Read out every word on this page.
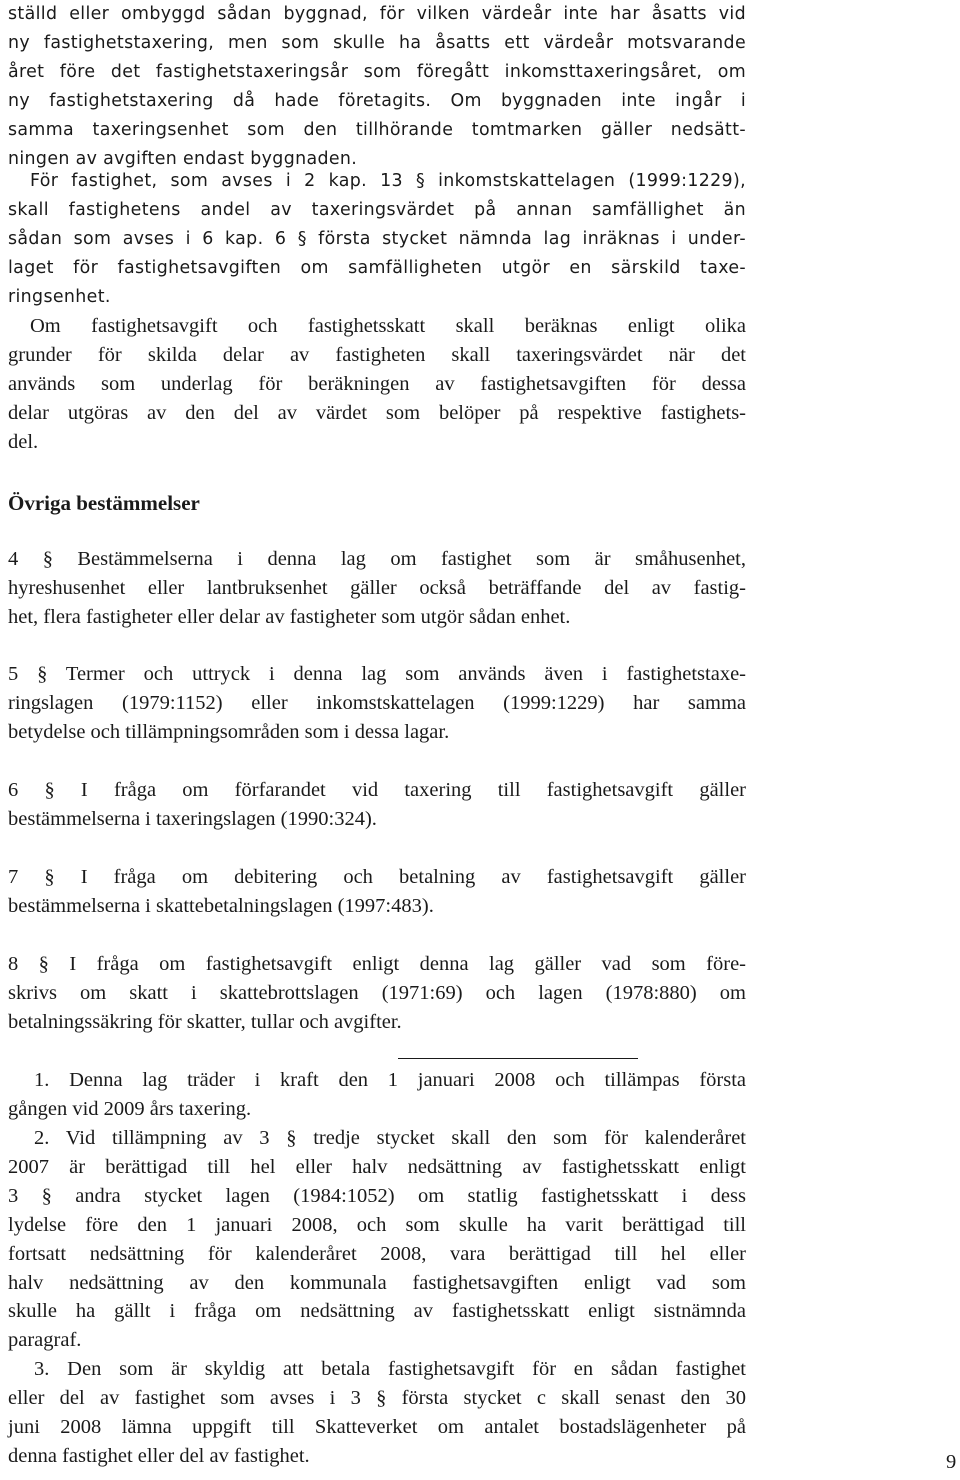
ställd eller ombyggd sådan byggnad, för vilken värdeår inte har åsatts vid
ny fastighetstaxering, men som skulle ha åsatts ett värdeår motsvarande
året före det fastighetstaxeringsår som föregått inkomsttaxeringsåret, om
ny fastighetstaxering då hade företagits. Om byggnaden inte ingår i
samma taxeringsenhet som den tillhörande tomtmarken gäller nedsätt-
ningen av avgiften endast byggnaden.

För fastighet, som avses i 2 kap. 13 § inkomstskattelagen (1999:1229),
skall fastighetens andel av taxeringsvärdet på annan samfällighet än
sådan som avses i 6 kap. 6 § första stycket nämnda lag inräknas i under-
laget för fastighetsavgiften om samfälligheten utgör en särskild taxe-
ringsenhet.

Om fastighetsavgift och fastighetsskatt skall beräknas enligt olika
grunder för skilda delar av fastigheten skall taxeringsvärdet när det
används som underlag för beräkningen av fastighetsavgiften för dessa
delar utgöras av den del av värdet som belöper på respektive fastighets-
del.

Övriga bestämmelser

4 § Bestämmelserna i denna lag om fastighet som är småhusenhet,
hyreshusenhet eller lantbruksenhet gäller också beträffande del av fastig-
het, flera fastigheter eller delar av fastigheter som utgör sådan enhet.

5 § Termer och uttryck i denna lag som används även i fastighetstaxe-
ringslagen (1979:1152) eller inkomstskattelagen (1999:1229) har samma
betydelse och tillämpningsområden som i dessa lagar.

6 § I fråga om förfarandet vid taxering till fastighetsavgift gäller
bestämmelserna i taxeringslagen (1990:324).

7 § I fråga om debitering och betalning av fastighetsavgift gäller
bestämmelserna i skattebetalningslagen (1997:483).

8 § I fråga om fastighetsavgift enligt denna lag gäller vad som före-
skrivs om skatt i skattebrottslagen (1971:69) och lagen (1978:880) om
betalningssäkring för skatter, tullar och avgifter.

1. Denna lag träder i kraft den 1 januari 2008 och tillämpas första
gången vid 2009 års taxering.

2. Vid tillämpning av 3 § tredje stycket skall den som för kalenderåret
2007 är berättigad till hel eller halv nedsättning av fastighetsskatt enligt
3 § andra stycket lagen (1984:1052) om statlig fastighetsskatt i dess
lydelse före den 1 januari 2008, och som skulle ha varit berättigad till
fortsatt nedsättning för kalenderåret 2008, vara berättigad till hel eller
halv nedsättning av den kommunala fastighetsavgiften enligt vad som
skulle ha gällt i fråga om nedsättning av fastighetsskatt enligt sistnämnda
paragraf.

3. Den som är skyldig att betala fastighetsavgift för en sådan fastighet
eller del av fastighet som avses i 3 § första stycket c skall senast den 30
juni 2008 lämna uppgift till Skatteverket om antalet bostadslägenheter på
denna fastighet eller del av fastighet.	9
